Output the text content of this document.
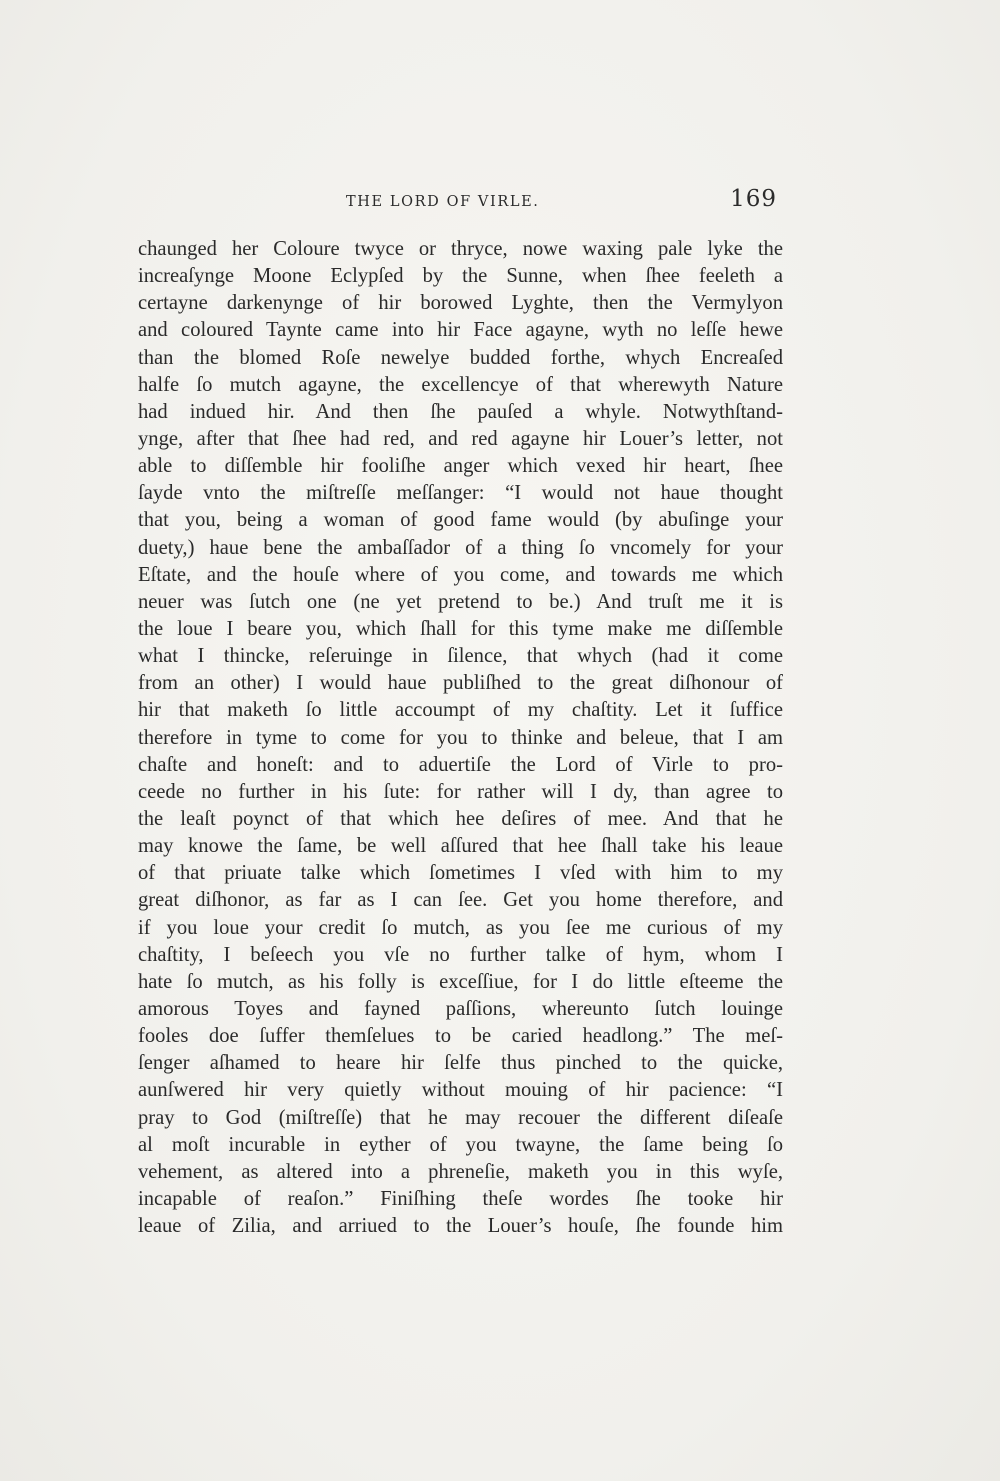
THE LORD OF VIRLE.	169
chaunged her Coloure twyce or thryce, nowe waxing pale lyke the
increaſynge Moone Eclypſed by the Sunne, when ſhee feeleth a
certayne darkenynge of hir borowed Lyghte, then the Vermylyon
and coloured Taynte came into hir Face agayne, wyth no leſſe hewe
than the blomed Roſe newelye budded forthe, whych Encreaſed
halfe ſo mutch agayne, the excellencye of that wherewyth Nature
had indued hir. And then ſhe pauſed a whyle. Notwythſtand-
ynge, after that ſhee had red, and red agayne hir Louer’s letter, not
able to diſſemble hir fooliſhe anger which vexed hir heart, ſhee
ſayde vnto the miſtreſſe meſſanger: “I would not haue thought
that you, being a woman of good fame would (by abuſinge your
duety,) haue bene the ambaſſador of a thing ſo vncomely for your
Eſtate, and the houſe where of you come, and towards me which
neuer was ſutch one (ne yet pretend to be.) And truſt me it is
the loue I beare you, which ſhall for this tyme make me diſſemble
what I thincke, reſeruinge in ſilence, that whych (had it come
from an other) I would haue publiſhed to the great diſhonour of
hir that maketh ſo little accoumpt of my chaſtity. Let it ſuffice
therefore in tyme to come for you to thinke and beleue, that I am
chaſte and honeſt: and to aduertiſe the Lord of Virle to pro-
ceede no further in his ſute: for rather will I dy, than agree to
the leaſt poynct of that which hee deſires of mee. And that he
may knowe the ſame, be well aſſured that hee ſhall take his leaue
of that priuate talke which ſometimes I vſed with him to my
great diſhonor, as far as I can ſee. Get you home therefore, and
if you loue your credit ſo mutch, as you ſee me curious of my
chaſtity, I beſeech you vſe no further talke of hym, whom I
hate ſo mutch, as his folly is exceſſiue, for I do little eſteeme the
amorous Toyes and fayned paſſions, whereunto ſutch louinge
fooles doe ſuffer themſelues to be caried headlong.” The meſ-
ſenger aſhamed to heare hir ſelfe thus pinched to the quicke,
aunſwered hir very quietly without mouing of hir pacience: “I
pray to God (miſtreſſe) that he may recouer the different diſeaſe
al moſt incurable in eyther of you twayne, the ſame being ſo
vehement, as altered into a phreneſie, maketh you in this wyſe,
incapable of reaſon.” Finiſhing theſe wordes ſhe tooke hir
leaue of Zilia, and arriued to the Louer’s houſe, ſhe founde him
